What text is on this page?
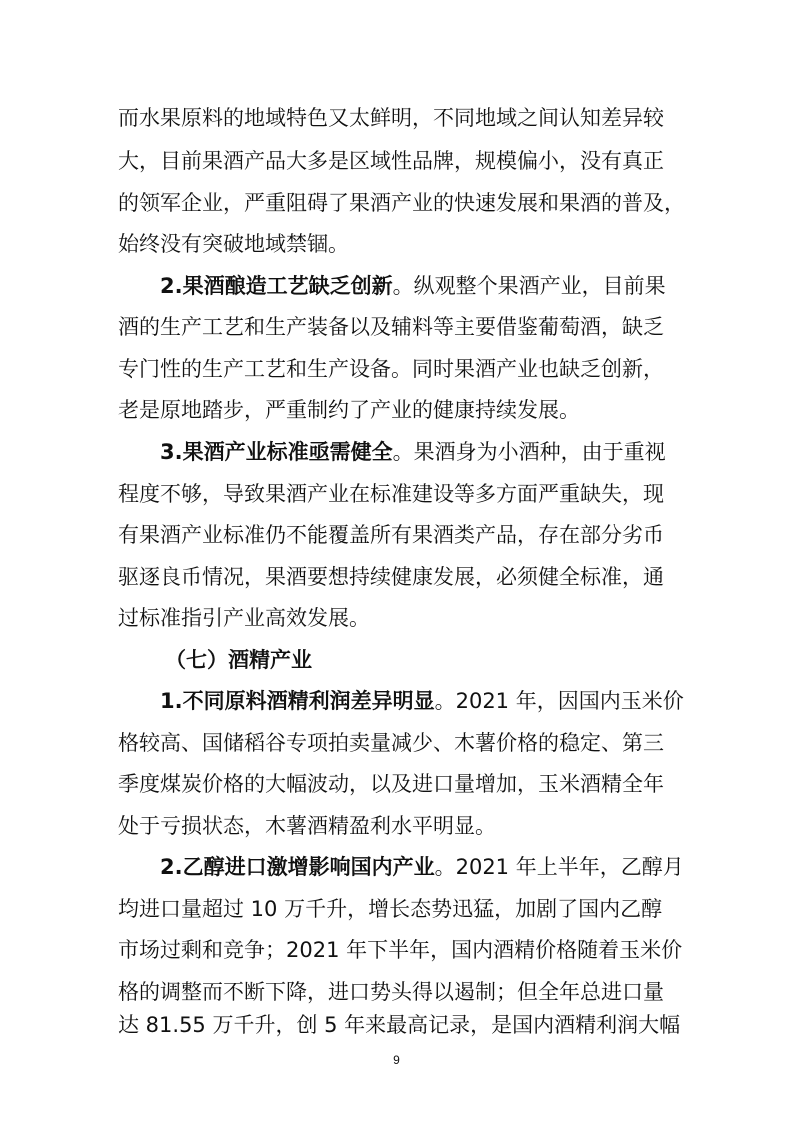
而水果原料的地域特色又太鲜明，不同地域之间认知差异较
大，目前果酒产品大多是区域性品牌，规模偏小，没有真正
的领军企业，严重阻碍了果酒产业的快速发展和果酒的普及，
始终没有突破地域禁锢。
2.果酒酿造工艺缺乏创新。纵观整个果酒产业，目前果
酒的生产工艺和生产装备以及辅料等主要借鉴葡萄酒，缺乏
专门性的生产工艺和生产设备。同时果酒产业也缺乏创新，
老是原地踏步，严重制约了产业的健康持续发展。
3.果酒产业标准亟需健全。果酒身为小酒种，由于重视
程度不够，导致果酒产业在标准建设等多方面严重缺失，现
有果酒产业标准仍不能覆盖所有果酒类产品，存在部分劣币
驱逐良币情况，果酒要想持续健康发展，必须健全标准，通
过标准指引产业高效发展。
（七）酒精产业
1.不同原料酒精利润差异明显。2021 年，因国内玉米价
格较高、国储稻谷专项拍卖量减少、木薯价格的稳定、第三
季度煤炭价格的大幅波动，以及进口量增加，玉米酒精全年
处于亏损状态，木薯酒精盈利水平明显。
2.乙醇进口激增影响国内产业。2021 年上半年，乙醇月
均进口量超过 10 万千升，增长态势迅猛，加剧了国内乙醇
市场过剩和竞争；2021 年下半年，国内酒精价格随着玉米价
格的调整而不断下降，进口势头得以遏制；但全年总进口量
达 81.55 万千升，创 5 年来最高记录，是国内酒精利润大幅
9
